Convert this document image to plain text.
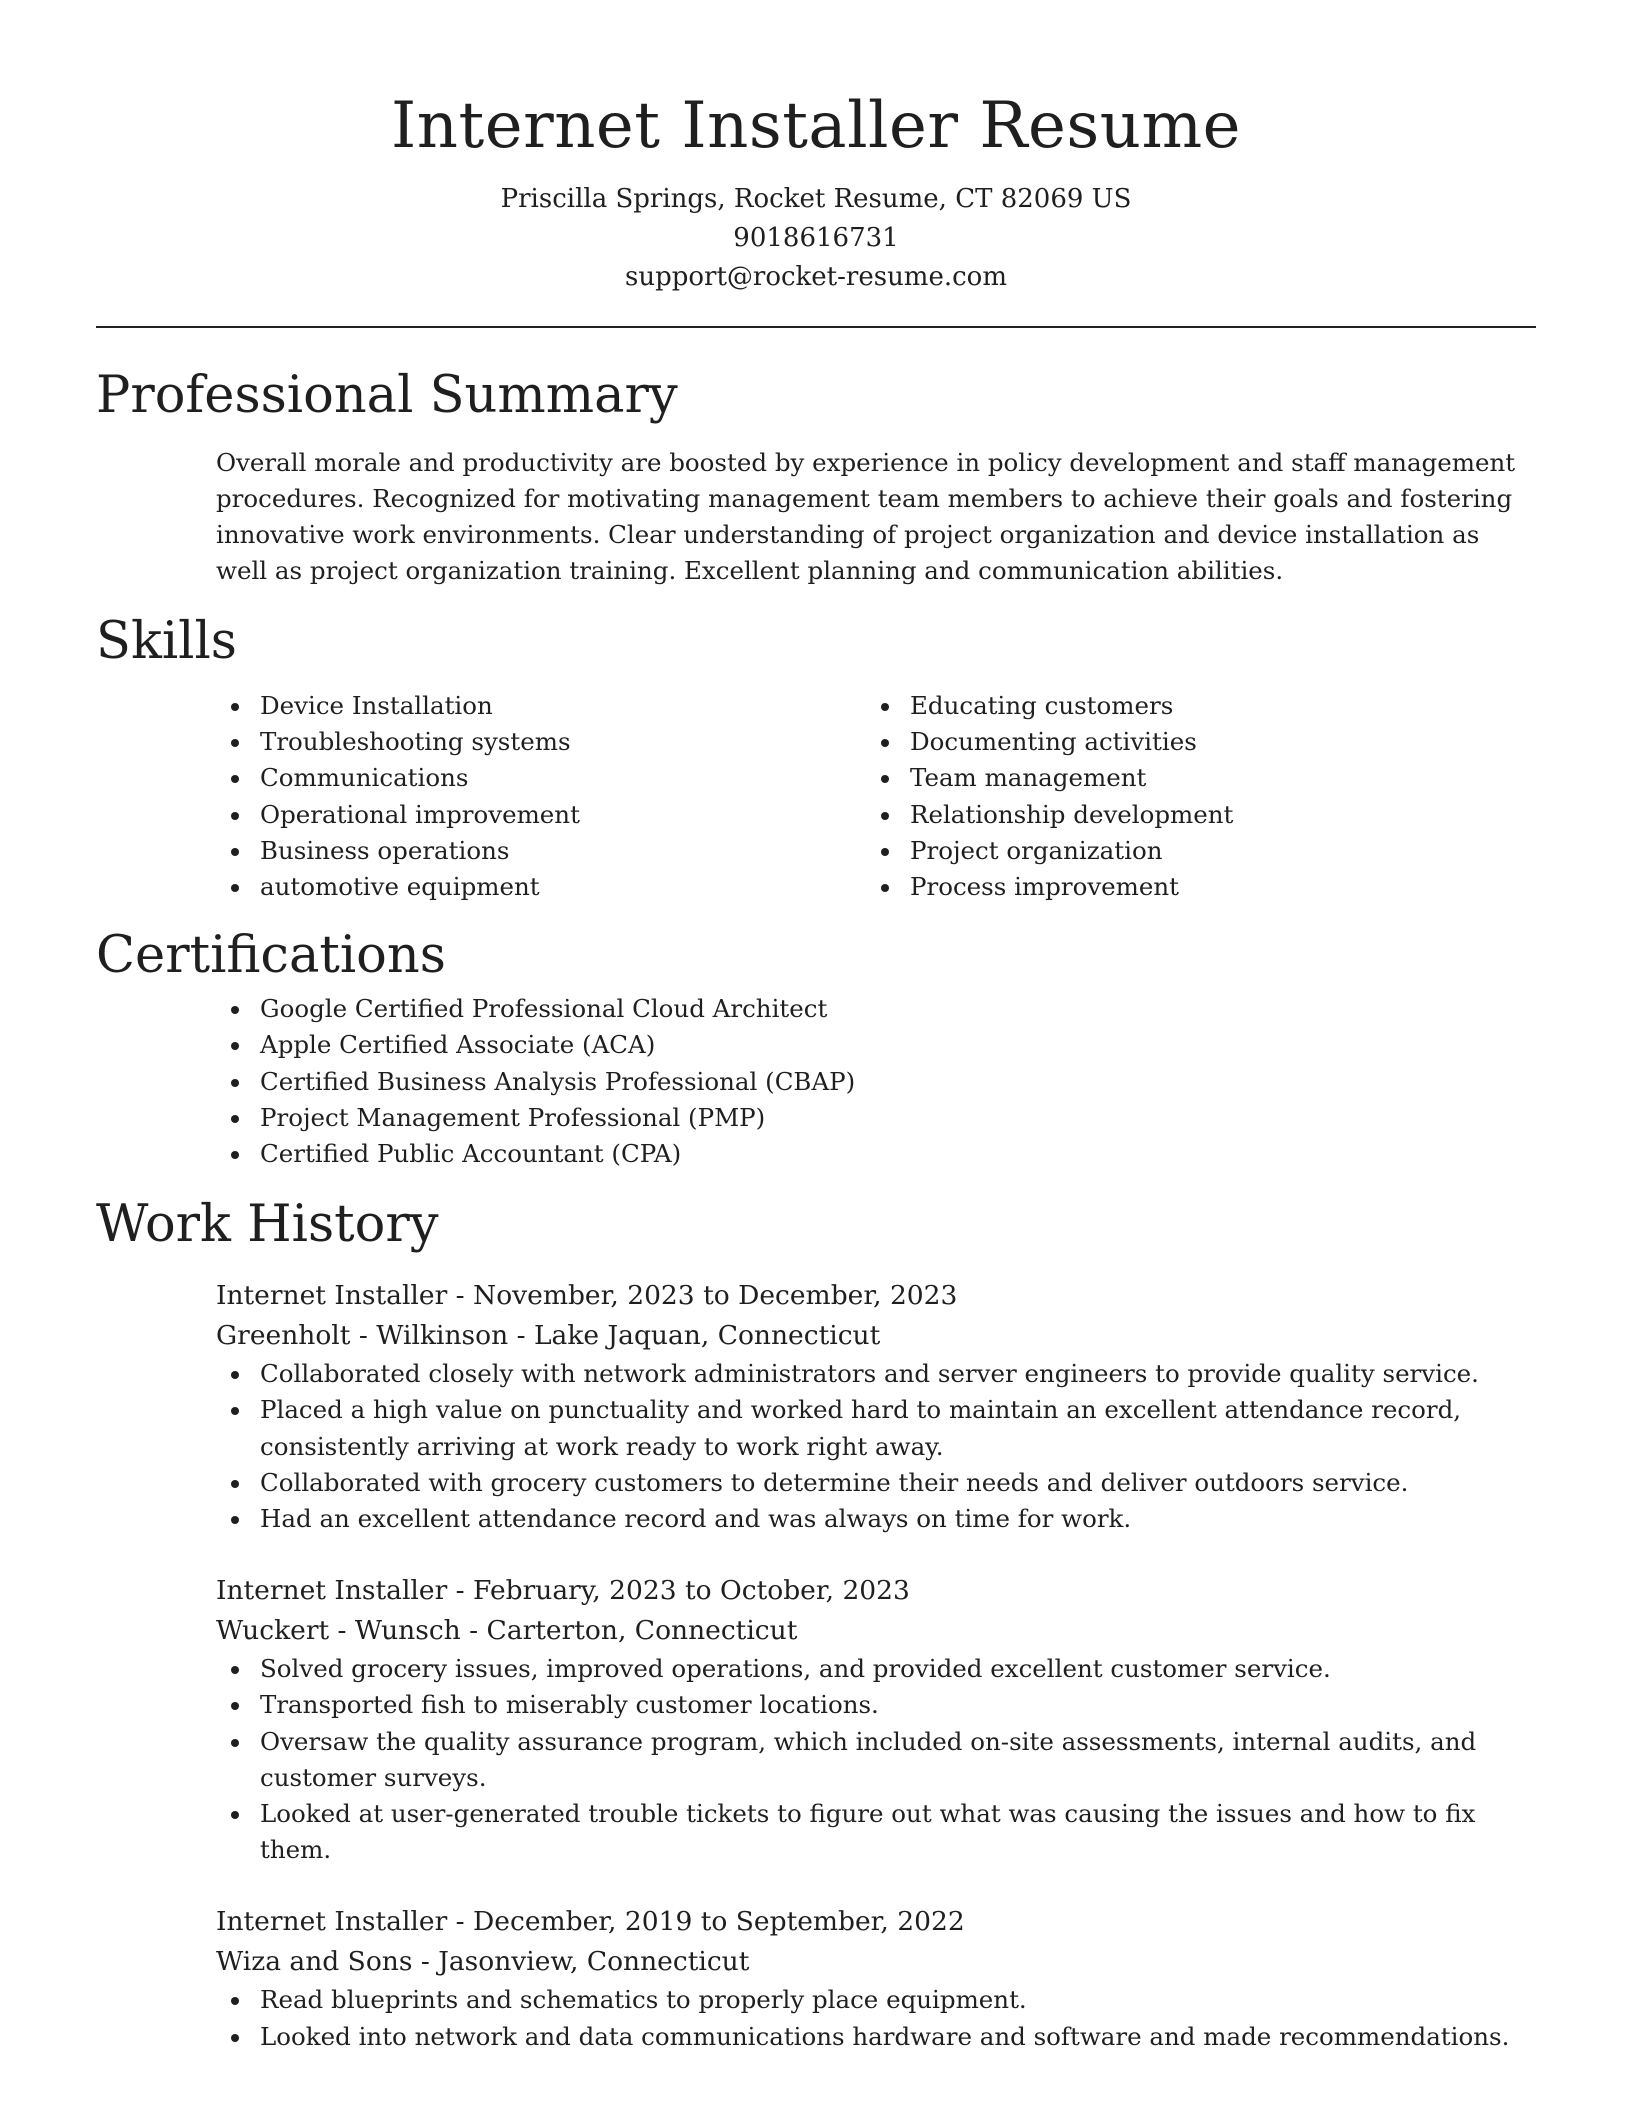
Internet Installer Resume
Priscilla Springs, Rocket Resume, CT 82069 US
9018616731
support@rocket-resume.com
Professional Summary

Overall morale and productivity are boosted by experience in policy development and staff management procedures. Recognized for motivating management team members to achieve their goals and fostering innovative work environments. Clear understanding of project organization and device installation as well as project organization training. Excellent planning and communication abilities.

Skills
Device Installation
Troubleshooting systems
Communications
Operational improvement
Business operations
automotive equipment
Educating customers
Documenting activities
Team management
Relationship development
Project organization
Process improvement
Certifications
Google Certified Professional Cloud Architect
Apple Certified Associate (ACA)
Certified Business Analysis Professional (CBAP)
Project Management Professional (PMP)
Certified Public Accountant (CPA)
Work History
Internet Installer - November, 2023 to December, 2023
Greenholt - Wilkinson - Lake Jaquan, Connecticut
Collaborated closely with network administrators and server engineers to provide quality service.
Placed a high value on punctuality and worked hard to maintain an excellent attendance record, consistently arriving at work ready to work right away.
Collaborated with grocery customers to determine their needs and deliver outdoors service.
Had an excellent attendance record and was always on time for work.
Internet Installer - February, 2023 to October, 2023
Wuckert - Wunsch - Carterton, Connecticut
Solved grocery issues, improved operations, and provided excellent customer service.
Transported fish to miserably customer locations.
Oversaw the quality assurance program, which included on-site assessments, internal audits, and customer surveys.
Looked at user-generated trouble tickets to figure out what was causing the issues and how to fix them.
Internet Installer - December, 2019 to September, 2022
Wiza and Sons - Jasonview, Connecticut
Read blueprints and schematics to properly place equipment.
Looked into network and data communications hardware and software and made recommendations.
